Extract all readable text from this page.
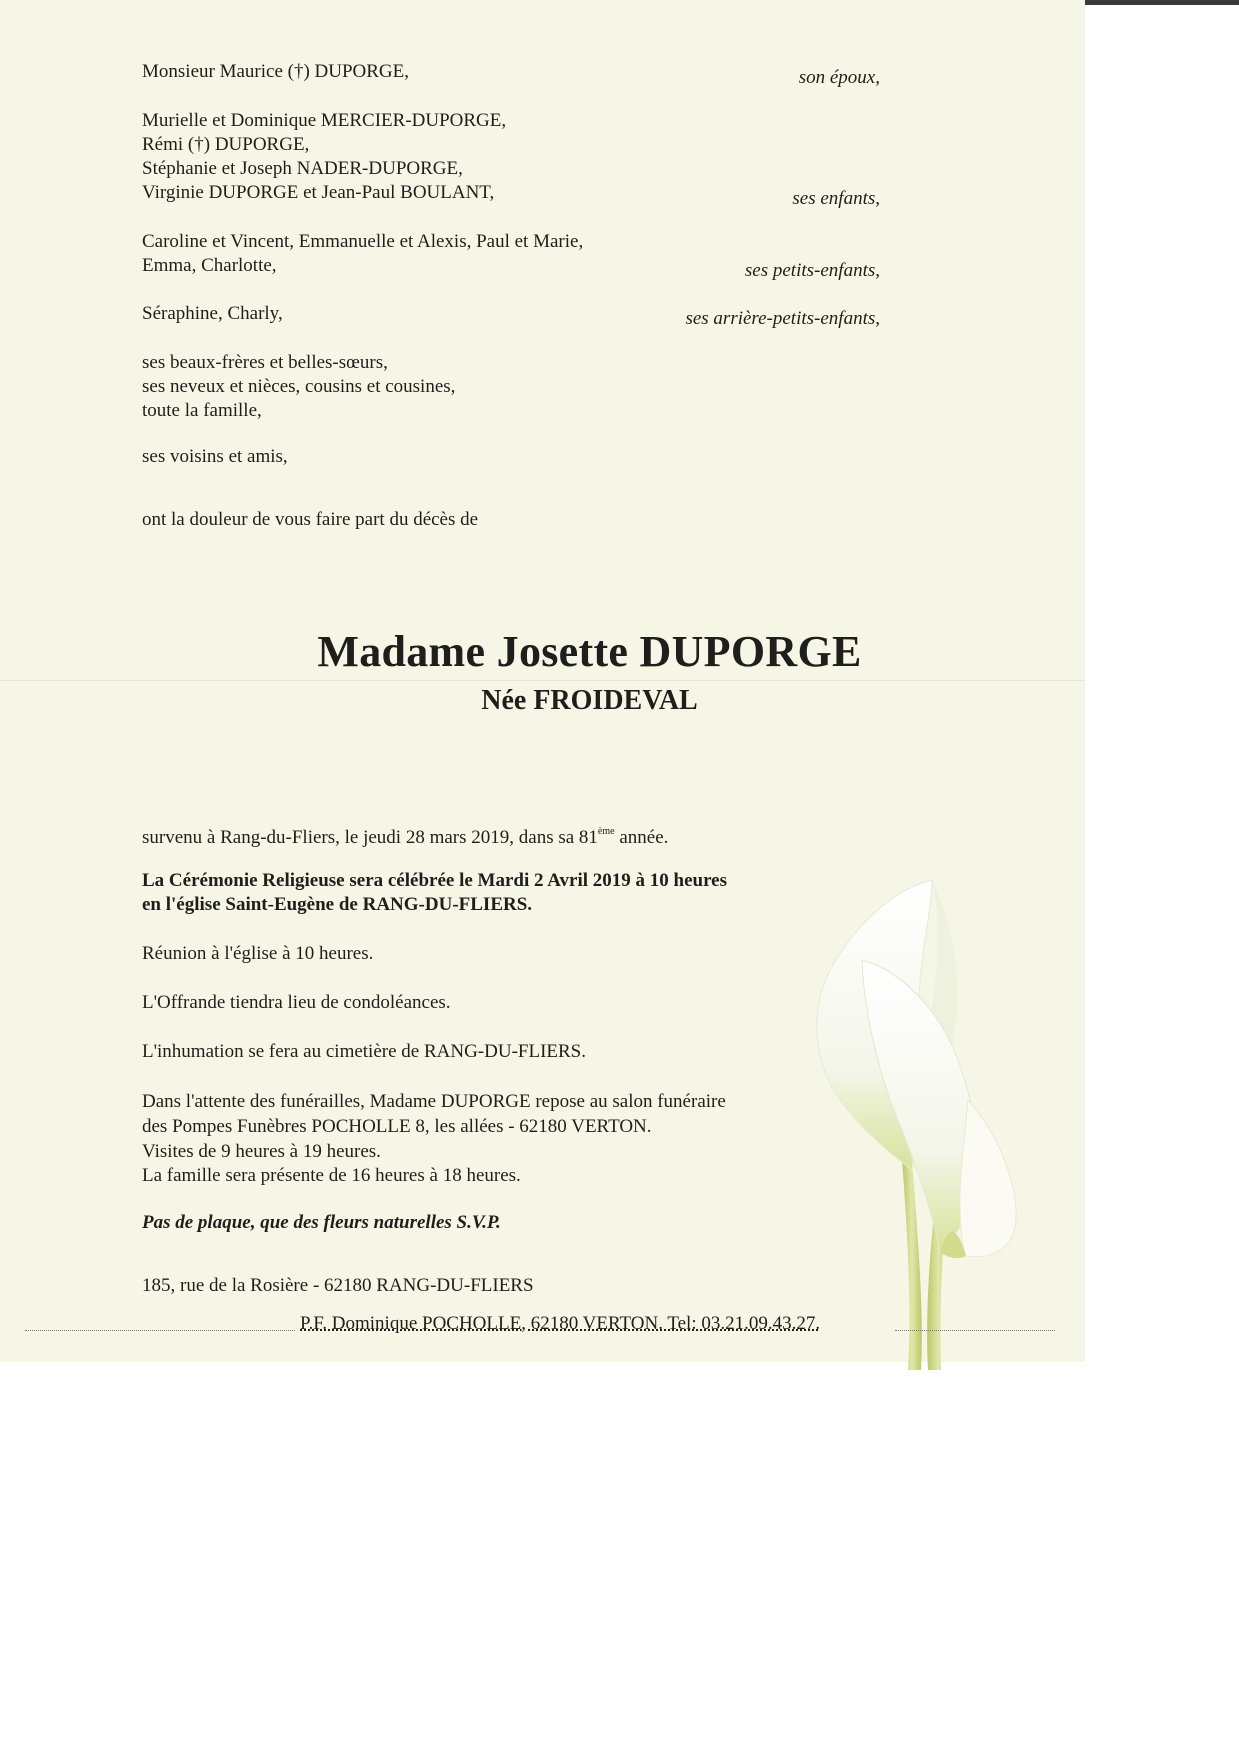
Monsieur Maurice (†) DUPORGE,	son époux,
Murielle et Dominique MERCIER-DUPORGE,
Rémi (†) DUPORGE,
Stéphanie et Joseph NADER-DUPORGE,
Virginie DUPORGE et Jean-Paul BOULANT,	ses enfants,
Caroline et Vincent, Emmanuelle et Alexis, Paul et Marie,
Emma, Charlotte,	ses petits-enfants,
Séraphine, Charly,	ses arrière-petits-enfants,
ses beaux-frères et belles-sœurs,
ses neveux et nièces, cousins et cousines,
toute la famille,
ses voisins et amis,
ont la douleur de vous faire part du décès de
Madame Josette DUPORGE
Née FROIDEVAL
survenu à Rang-du-Fliers, le jeudi 28 mars 2019, dans sa 81ème année.
La Cérémonie Religieuse sera célébrée le Mardi 2 Avril 2019 à 10 heures
en l'église Saint-Eugène de RANG-DU-FLIERS.
Réunion à l'église à 10 heures.
L'Offrande tiendra lieu de condoléances.
L'inhumation se fera au cimetière de RANG-DU-FLIERS.
Dans l'attente des funérailles, Madame DUPORGE repose au salon funéraire
des Pompes Funèbres POCHOLLE 8, les allées - 62180 VERTON.
Visites de 9 heures à 19 heures.
La famille sera présente de 16 heures à 18 heures.
Pas de plaque, que des fleurs naturelles S.V.P.
185, rue de la Rosière - 62180 RANG-DU-FLIERS
P.F. Dominique POCHOLLE, 62180 VERTON. Tel: 03.21.09.43.27.
